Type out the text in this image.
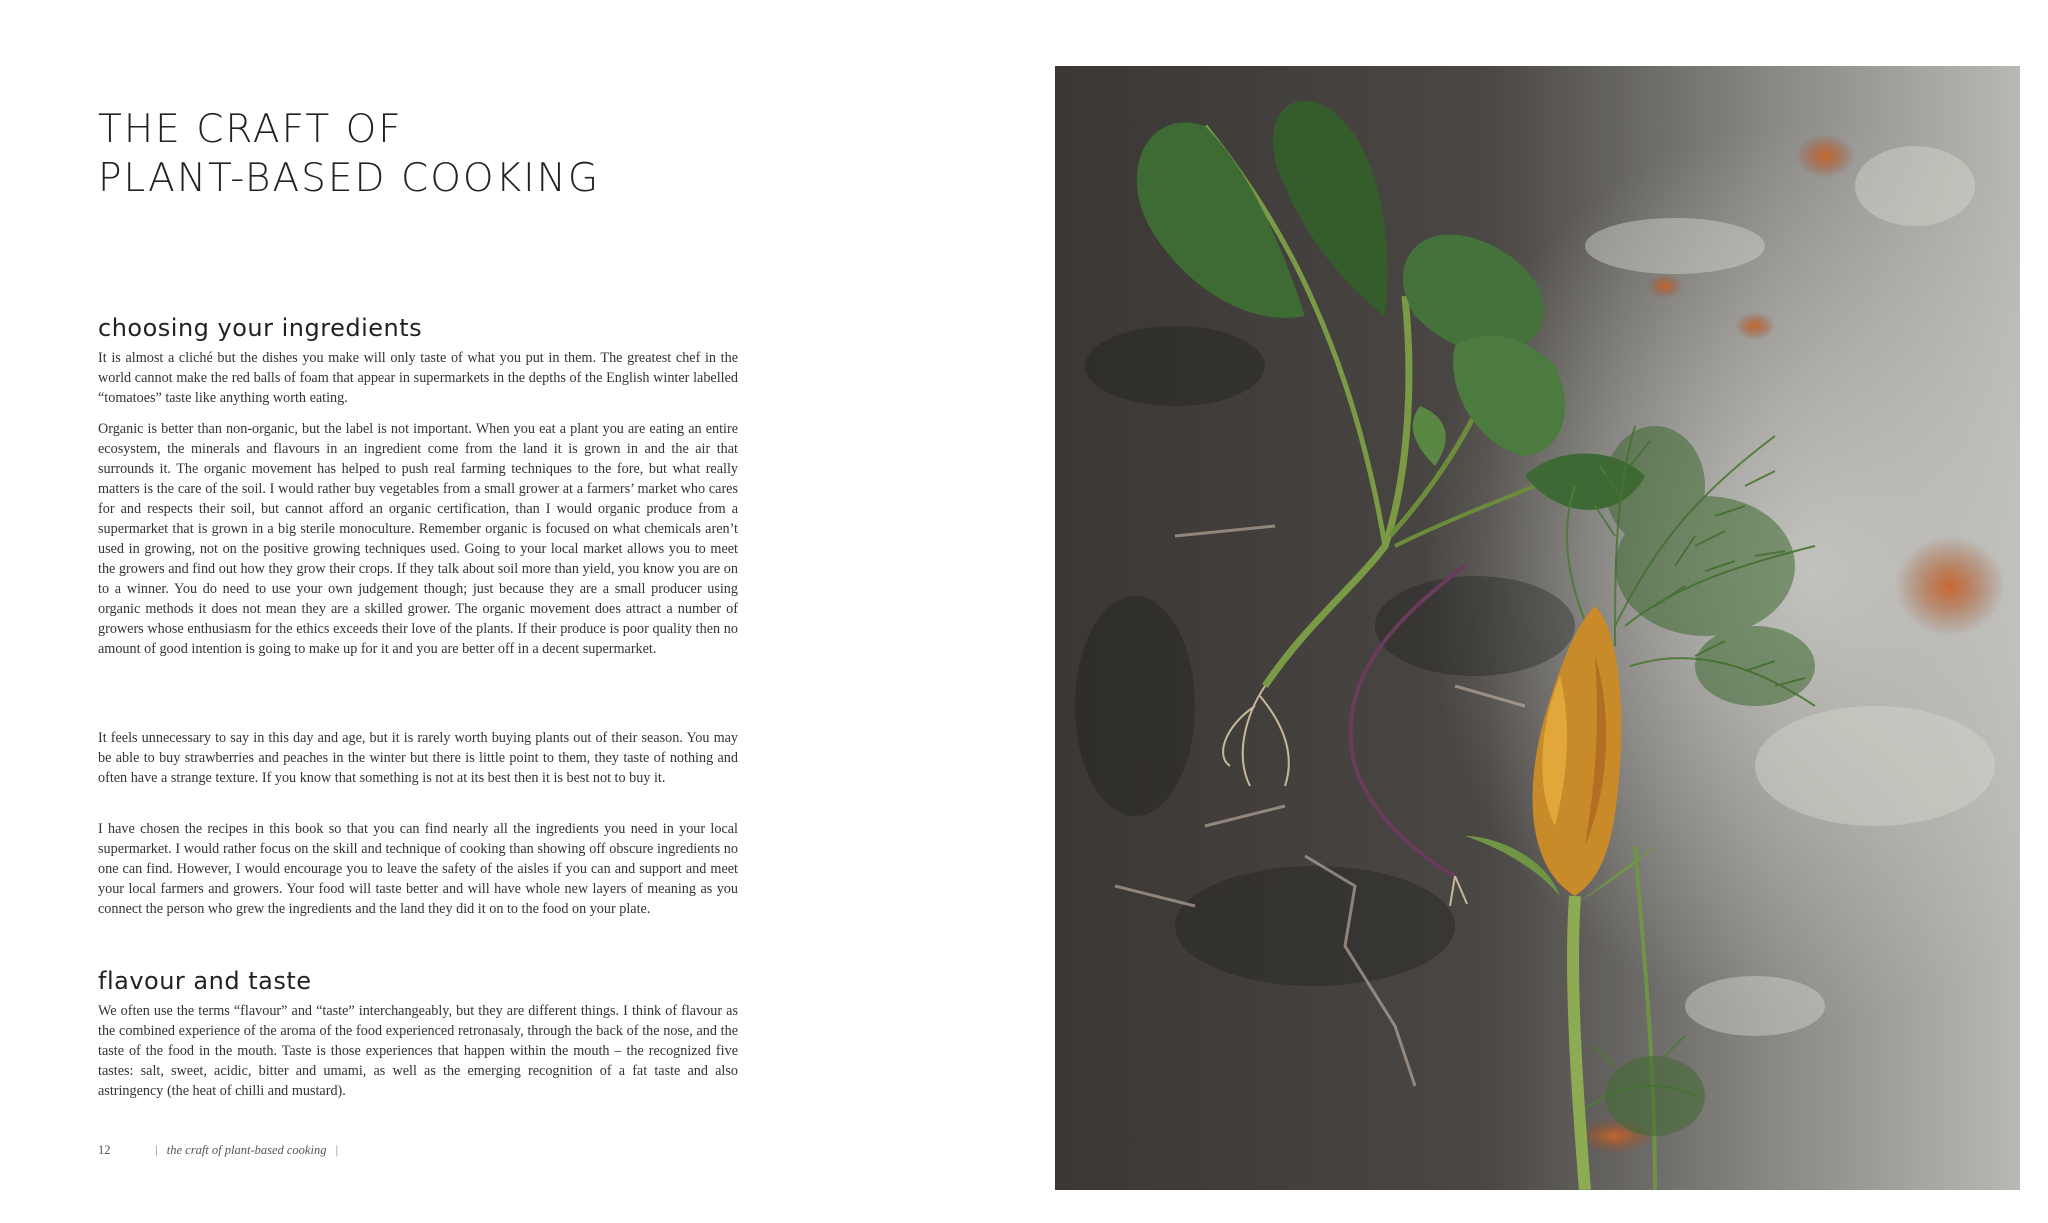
THE CRAFT OF
PLANT-BASED COOKING
choosing your ingredients

It is almost a cliché but the dishes you make will only taste of what you put in them. The greatest chef in the world cannot make the red balls of foam that appear in supermarkets in the depths of the English winter labelled “tomatoes” taste like anything worth eating.

Organic is better than non-organic, but the label is not important. When you eat a plant you are eating an entire ecosystem, the minerals and flavours in an ingredient come from the land it is grown in and the air that surrounds it. The organic movement has helped to push real farming techniques to the fore, but what really matters is the care of the soil. I would rather buy vegetables from a small grower at a farmers’ market who cares for and respects their soil, but cannot afford an organic certification, than I would organic produce from a supermarket that is grown in a big sterile monoculture. Remember organic is focused on what chemicals aren’t used in growing, not on the positive growing techniques used. Going to your local market allows you to meet the growers and find out how they grow their crops. If they talk about soil more than yield, you know you are on to a winner. You do need to use your own judgement though; just because they are a small producer using organic methods it does not mean they are a skilled grower. The organic movement does attract a number of growers whose enthusiasm for the ethics exceeds their love of the plants. If their produce is poor quality then no amount of good intention is going to make up for it and you are better off in a decent supermarket.

It feels unnecessary to say in this day and age, but it is rarely worth buying plants out of their season. You may be able to buy strawberries and peaches in the winter but there is little point to them, they taste of nothing and often have a strange texture. If you know that something is not at its best then it is best not to buy it.

I have chosen the recipes in this book so that you can find nearly all the ingredients you need in your local supermarket. I would rather focus on the skill and technique of cooking than showing off obscure ingredients no one can find. However, I would encourage you to leave the safety of the aisles if you can and support and meet your local farmers and growers. Your food will taste better and will have whole new layers of meaning as you connect the person who grew the ingredients and the land they did it on to the food on your plate.

flavour and taste

We often use the terms “flavour” and “taste” interchangeably, but they are different things. I think of flavour as the combined experience of the aroma of the food experienced retronasaly, through the back of the nose, and the taste of the food in the mouth. Taste is those experiences that happen within the mouth – the recognized five tastes: salt, sweet, acidic, bitter and umami, as well as the emerging recognition of a fat taste and also astringency (the heat of chilli and mustard).

12	| the craft of plant-based cooking |
